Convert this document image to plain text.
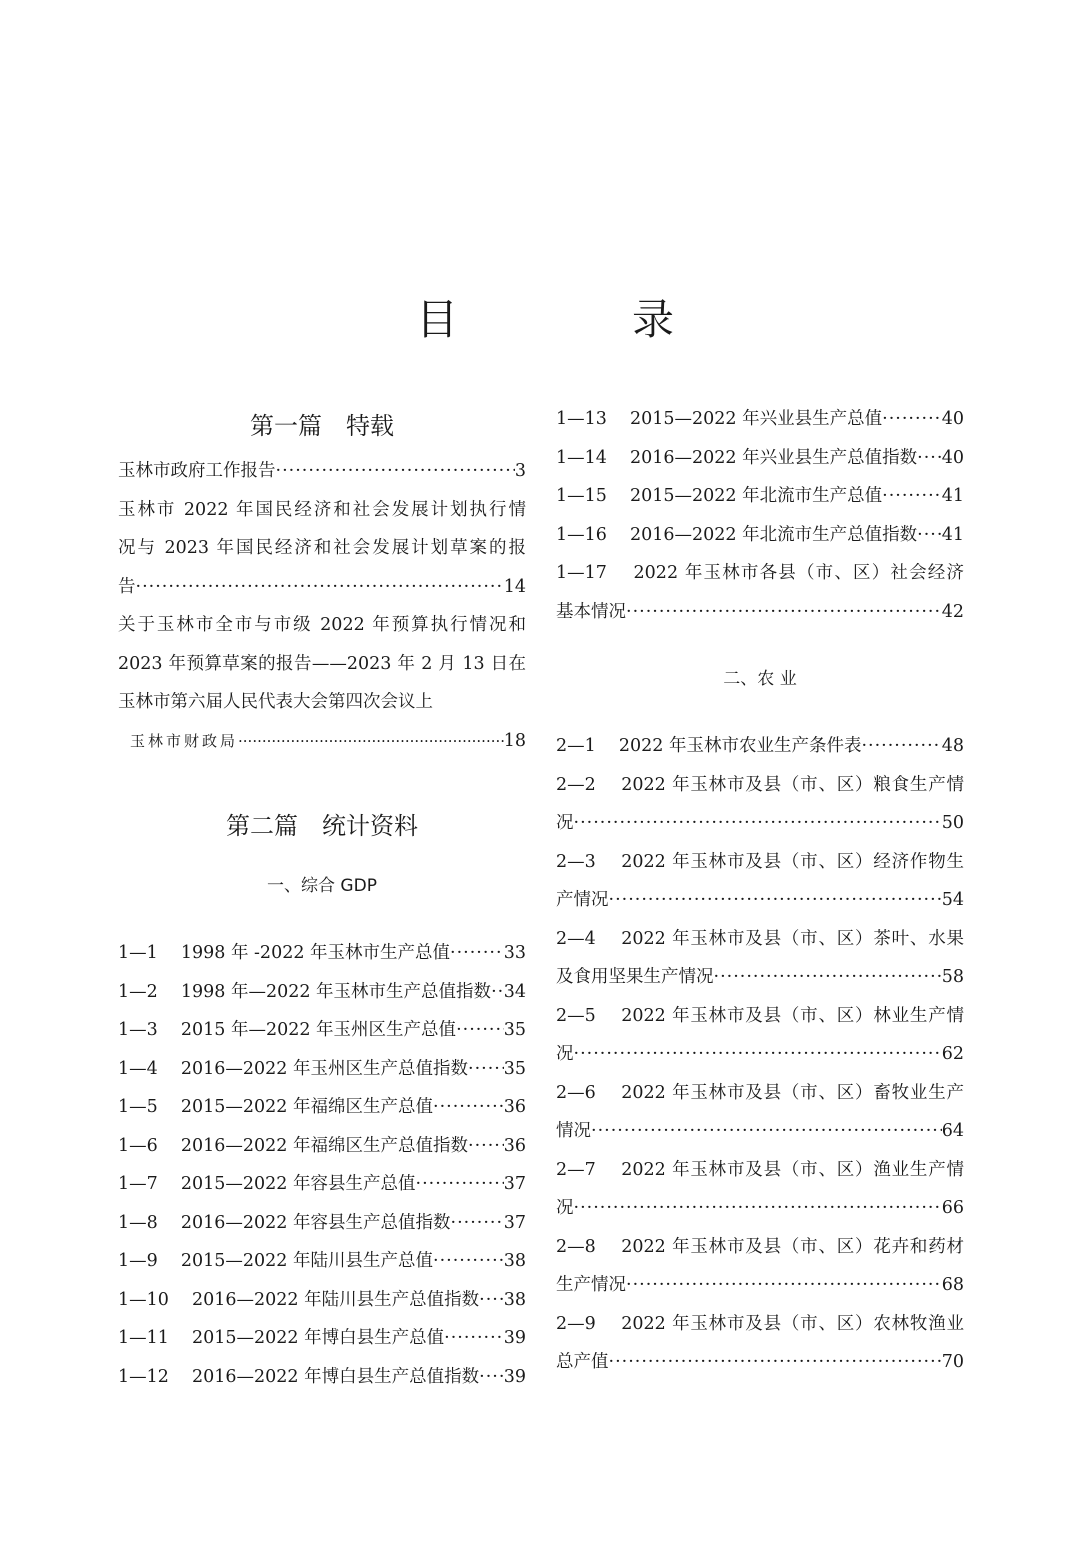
目　录
第一篇　特载
玉林市政府工作报告 ·····	3
玉林市 2022 年国民经济和社会发展计划执行情
况与 2023 年国民经济和社会发展计划草案的报
告 ·····	14
关于玉林市全市与市级 2022 年预算执行情况和
2023 年预算草案的报告——2023 年 2 月 13 日在
玉林市第六届人民代表大会第四次会议上
玉林市财政局 ·····	18
第二篇　统计资料
一、综合 GDP
1—1　 1998 年 -2022 年玉林市生产总值 ·····	33
1—2　 1998 年—2022 年玉林市生产总值指数 ····· 34
1—3　 2015 年—2022 年玉州区生产总值 ·····	35
1—4　 2016—2022 年玉州区生产总值指数 ····· 35
1—5　 2015—2022 年福绵区生产总值 ·····	36
1—6　 2016—2022 年福绵区生产总值指数 ····· 36
1—7　 2015—2022 年容县生产总值 ·····	37
1—8　 2016—2022 年容县生产总值指数 ·····	37
1—9　 2015—2022 年陆川县生产总值 ·····	38
1—10　 2016—2022 年陆川县生产总值指数 ····· 38
1—11　 2015—2022 年博白县生产总值 ·····	39
1—12　 2016—2022 年博白县生产总值指数 ····· 39
1—13　 2015—2022 年兴业县生产总值 ·····	40
1—14　 2016—2022 年兴业县生产总值指数 ····· 40
1—15　 2015—2022 年北流市生产总值 ·····	41
1—16　 2016—2022 年北流市生产总值指数 ····· 41
1—17　 2022 年玉林市各县（市、区）社会经济
基本情况 ·····	42
二、农 业
2—1　 2022 年玉林市农业生产条件表 ·····	48
2—2　 2022 年玉林市及县（市、区）粮食生产情
况 ·····	50
2—3　 2022 年玉林市及县（市、区）经济作物生
产情况 ·····	54
2—4　 2022 年玉林市及县（市、区）茶叶、水果
及食用坚果生产情况 ·····	58
2—5　 2022 年玉林市及县（市、区）林业生产情
况 ·····	62
2—6　 2022 年玉林市及县（市、区）畜牧业生产
情况 ·····	64
2—7　 2022 年玉林市及县（市、区）渔业生产情
况 ·····	66
2—8　 2022 年玉林市及县（市、区）花卉和药材
生产情况 ·····	68
2—9　 2022 年玉林市及县（市、区）农林牧渔业
总产值 ·····	70
